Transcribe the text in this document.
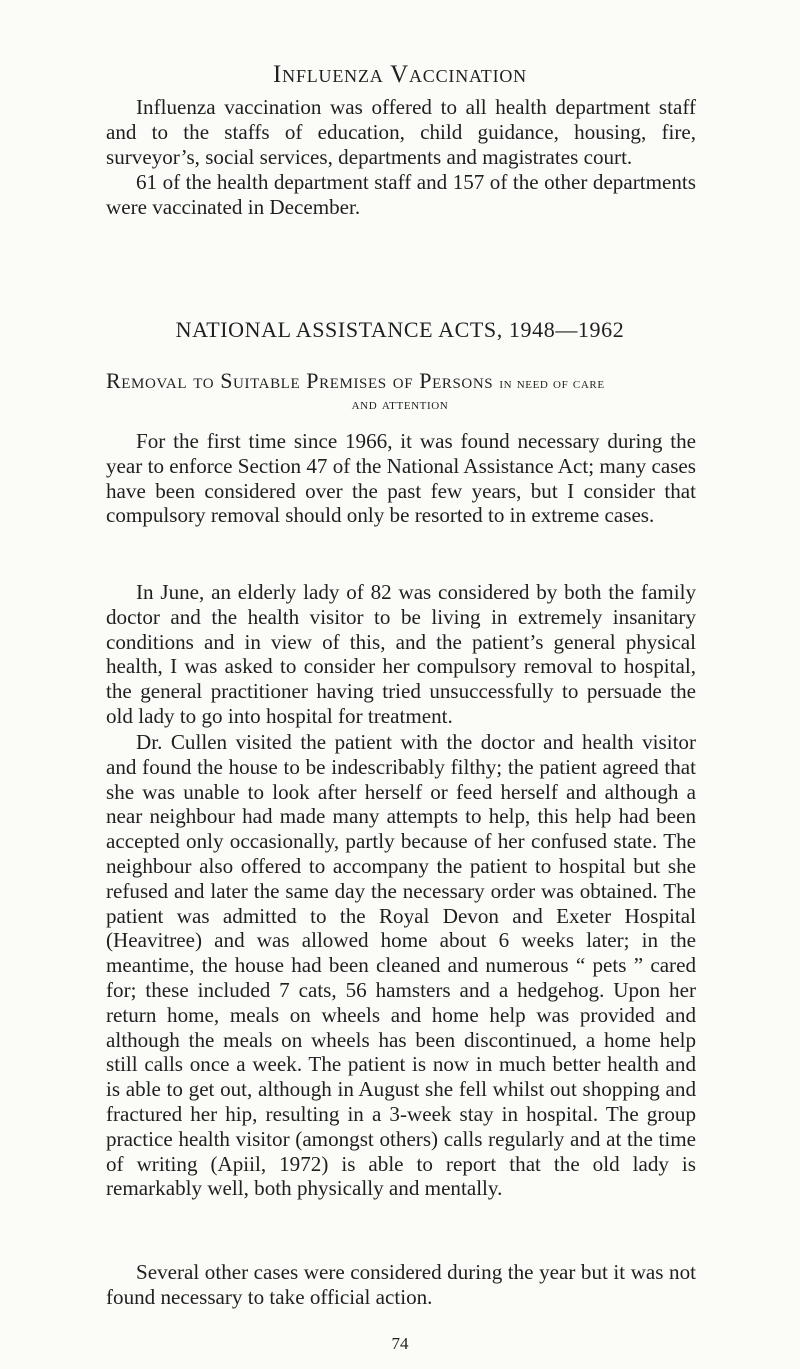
Influenza Vaccination

Influenza vaccination was offered to all health department staff and to the staffs of education, child guidance, housing, fire, surveyor’s, social services, departments and magistrates court.

61 of the health department staff and 157 of the other departments were vaccinated in December.

NATIONAL ASSISTANCE ACTS, 1948—1962
Removal to Suitable Premises of Persons in need of care
and attention

For the first time since 1966, it was found necessary during the year to enforce Section 47 of the National Assistance Act; many cases have been considered over the past few years, but I consider that compulsory removal should only be resorted to in extreme cases.

In June, an elderly lady of 82 was considered by both the family doctor and the health visitor to be living in extremely insanitary conditions and in view of this, and the patient’s general physical health, I was asked to consider her compulsory removal to hospital, the general practitioner having tried unsuccessfully to persuade the old lady to go into hospital for treatment.

Dr. Cullen visited the patient with the doctor and health visitor and found the house to be indescribably filthy; the patient agreed that she was unable to look after herself or feed herself and although a near neighbour had made many attempts to help, this help had been accepted only occasionally, partly because of her confused state. The neighbour also offered to accompany the patient to hospital but she refused and later the same day the necessary order was obtained. The patient was admitted to the Royal Devon and Exeter Hospital (Heavitree) and was allowed home about 6 weeks later; in the meantime, the house had been cleaned and numerous “ pets ” cared for; these included 7 cats, 56 hamsters and a hedgehog. Upon her return home, meals on wheels and home help was provided and although the meals on wheels has been discontinued, a home help still calls once a week. The patient is now in much better health and is able to get out, although in August she fell whilst out shopping and fractured her hip, resulting in a 3-week stay in hospital. The group practice health visitor (amongst others) calls regularly and at the time of writing (Apiil, 1972) is able to report that the old lady is remarkably well, both physically and mentally.

Several other cases were considered during the year but it was not found necessary to take official action.

74
